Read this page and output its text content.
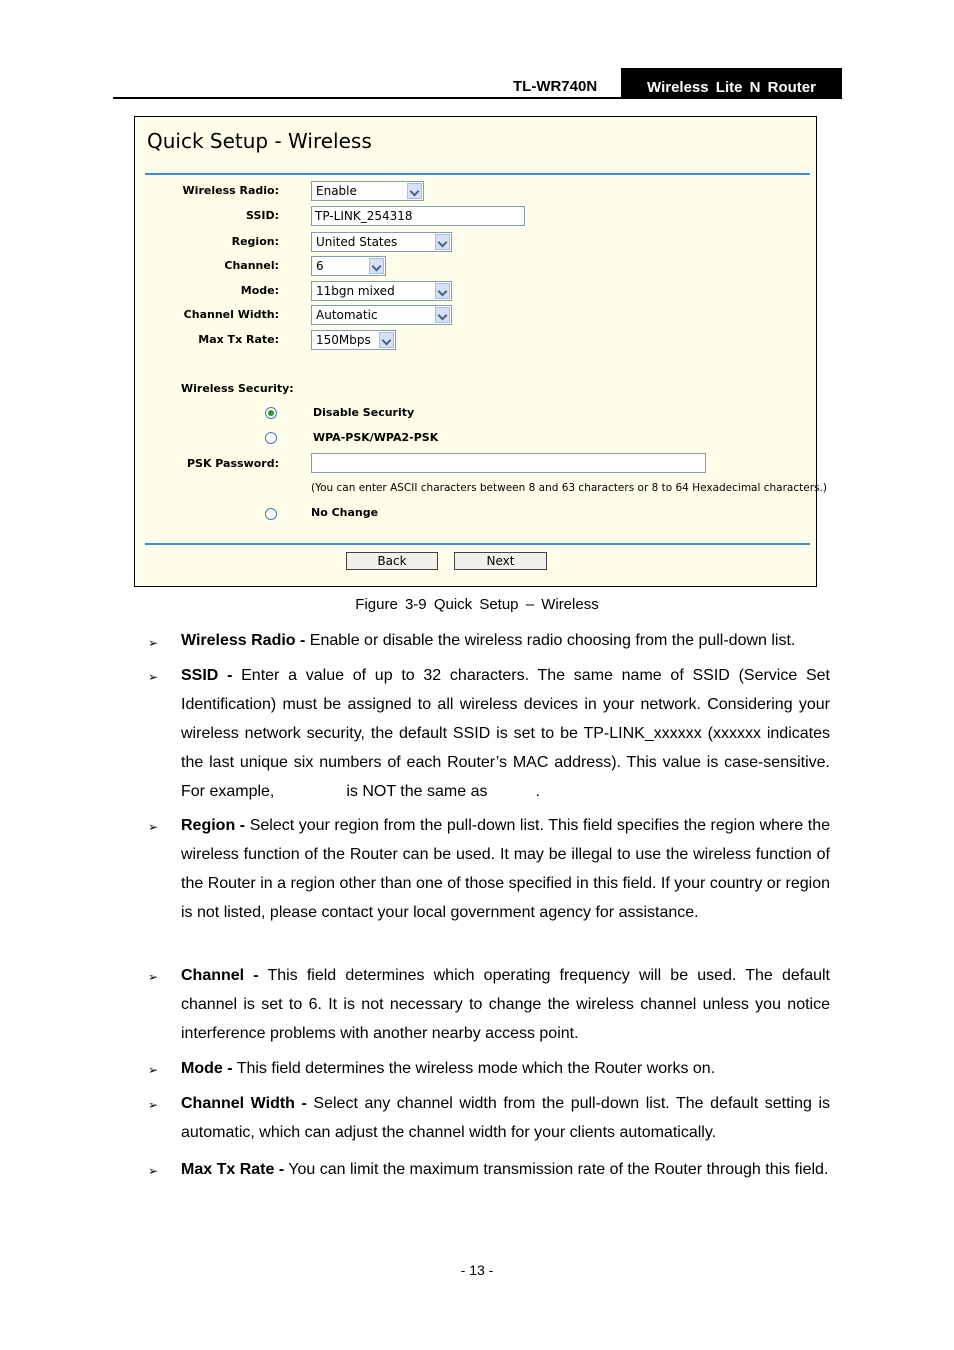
TL-WR740N	Wireless Lite N Router
Quick Setup - Wireless
Wireless Radio:	Enable
SSID:	TP-LINK_254318
Region:	United States
Channel:	6
Mode:	11bgn mixed
Channel Width:	Automatic
Max Tx Rate:	150Mbps
Wireless Security:
Disable Security
WPA-PSK/WPA2-PSK
PSK Password:
(You can enter ASCII characters between 8 and 63 characters or 8 to 64 Hexadecimal characters.)
No Change
Back	Next
Figure 3-9 Quick Setup – Wireless
➢ Wireless Radio - Enable or disable the wireless radio choosing from the pull-down list.
➢ SSID - Enter a value of up to 32 characters. The same name of SSID (Service Set Identification) must be assigned to all wireless devices in your network. Considering your wireless network security, the default SSID is set to be TP-LINK_xxxxxx (xxxxxx indicates the last unique six numbers of each Router’s MAC address). This value is case-sensitive. For example,	is NOT the same as	.
➢ Region - Select your region from the pull-down list. This field specifies the region where the wireless function of the Router can be used. It may be illegal to use the wireless function of the Router in a region other than one of those specified in this field. If your country or region is not listed, please contact your local government agency for assistance.
➢ Channel - This field determines which operating frequency will be used. The default channel is set to 6. It is not necessary to change the wireless channel unless you notice interference problems with another nearby access point.
➢ Mode - This field determines the wireless mode which the Router works on.
➢ Channel Width - Select any channel width from the pull-down list. The default setting is automatic, which can adjust the channel width for your clients automatically.
➢ Max Tx Rate - You can limit the maximum transmission rate of the Router through this field.
- 13 -
